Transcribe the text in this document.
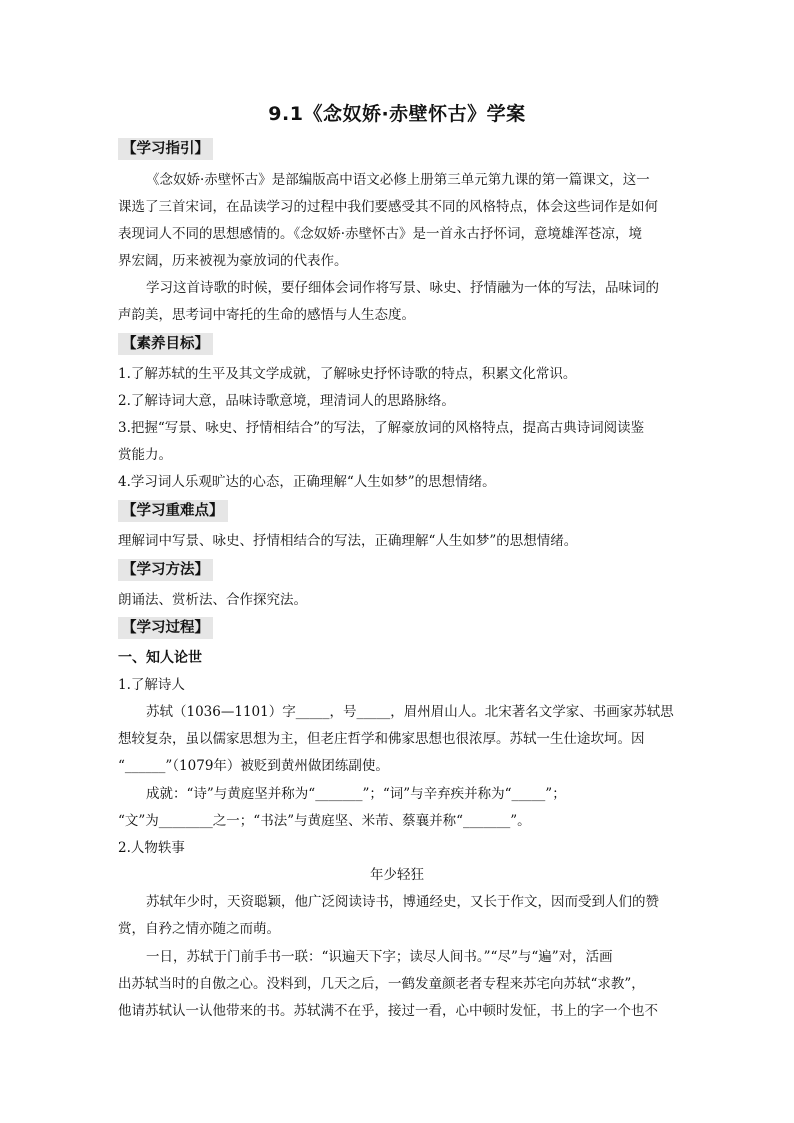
9.1《念奴娇·赤壁怀古》学案
【学习指引】
《念奴娇·赤壁怀古》是部编版高中语文必修上册第三单元第九课的第一篇课文，这一
课选了三首宋词，在品读学习的过程中我们要感受其不同的风格特点，体会这些词作是如何
表现词人不同的思想感情的。《念奴娇·赤壁怀古》是一首永古抒怀词，意境雄浑苍凉，境
界宏阔，历来被视为豪放词的代表作。
学习这首诗歌的时候，要仔细体会词作将写景、咏史、抒情融为一体的写法，品味词的
声韵美，思考词中寄托的生命的感悟与人生态度。
【素养目标】
1.了解苏轼的生平及其文学成就，了解咏史抒怀诗歌的特点，积累文化常识。
2.了解诗词大意，品味诗歌意境，理清词人的思路脉络。
3.把握“写景、咏史、抒情相结合”的写法，了解豪放词的风格特点，提高古典诗词阅读鉴
赏能力。
4.学习词人乐观旷达的心态，正确理解“人生如梦”的思想情绪。
【学习重难点】
理解词中写景、咏史、抒情相结合的写法，正确理解“人生如梦”的思想情绪。
【学习方法】
朗诵法、赏析法、合作探究法。
【学习过程】
一、知人论世
1.了解诗人
苏轼（1036—1101）字_____，号_____，眉州眉山人。北宋著名文学家、书画家苏轼思
想较复杂，虽以儒家思想为主，但老庄哲学和佛家思想也很浓厚。苏轼一生仕途坎坷。因
“______”（1079年）被贬到黄州做团练副使。
成就：“诗”与黄庭坚并称为“_______”；“词”与辛弃疾并称为“_____”；
“文”为________之一；“书法”与黄庭坚、米芾、蔡襄并称“_______”。
2.人物轶事
年少轻狂
苏轼年少时，天资聪颖，他广泛阅读诗书，博通经史，又长于作文，因而受到人们的赞
赏，自矜之情亦随之而萌。
一日，苏轼于门前手书一联：“识遍天下字；读尽人间书。”“尽”与“遍”对，活画
出苏轼当时的自傲之心。没料到，几天之后，一鹤发童颜老者专程来苏宅向苏轼“求教”，
他请苏轼认一认他带来的书。苏轼满不在乎，接过一看，心中顿时发怔，书上的字一个也不
